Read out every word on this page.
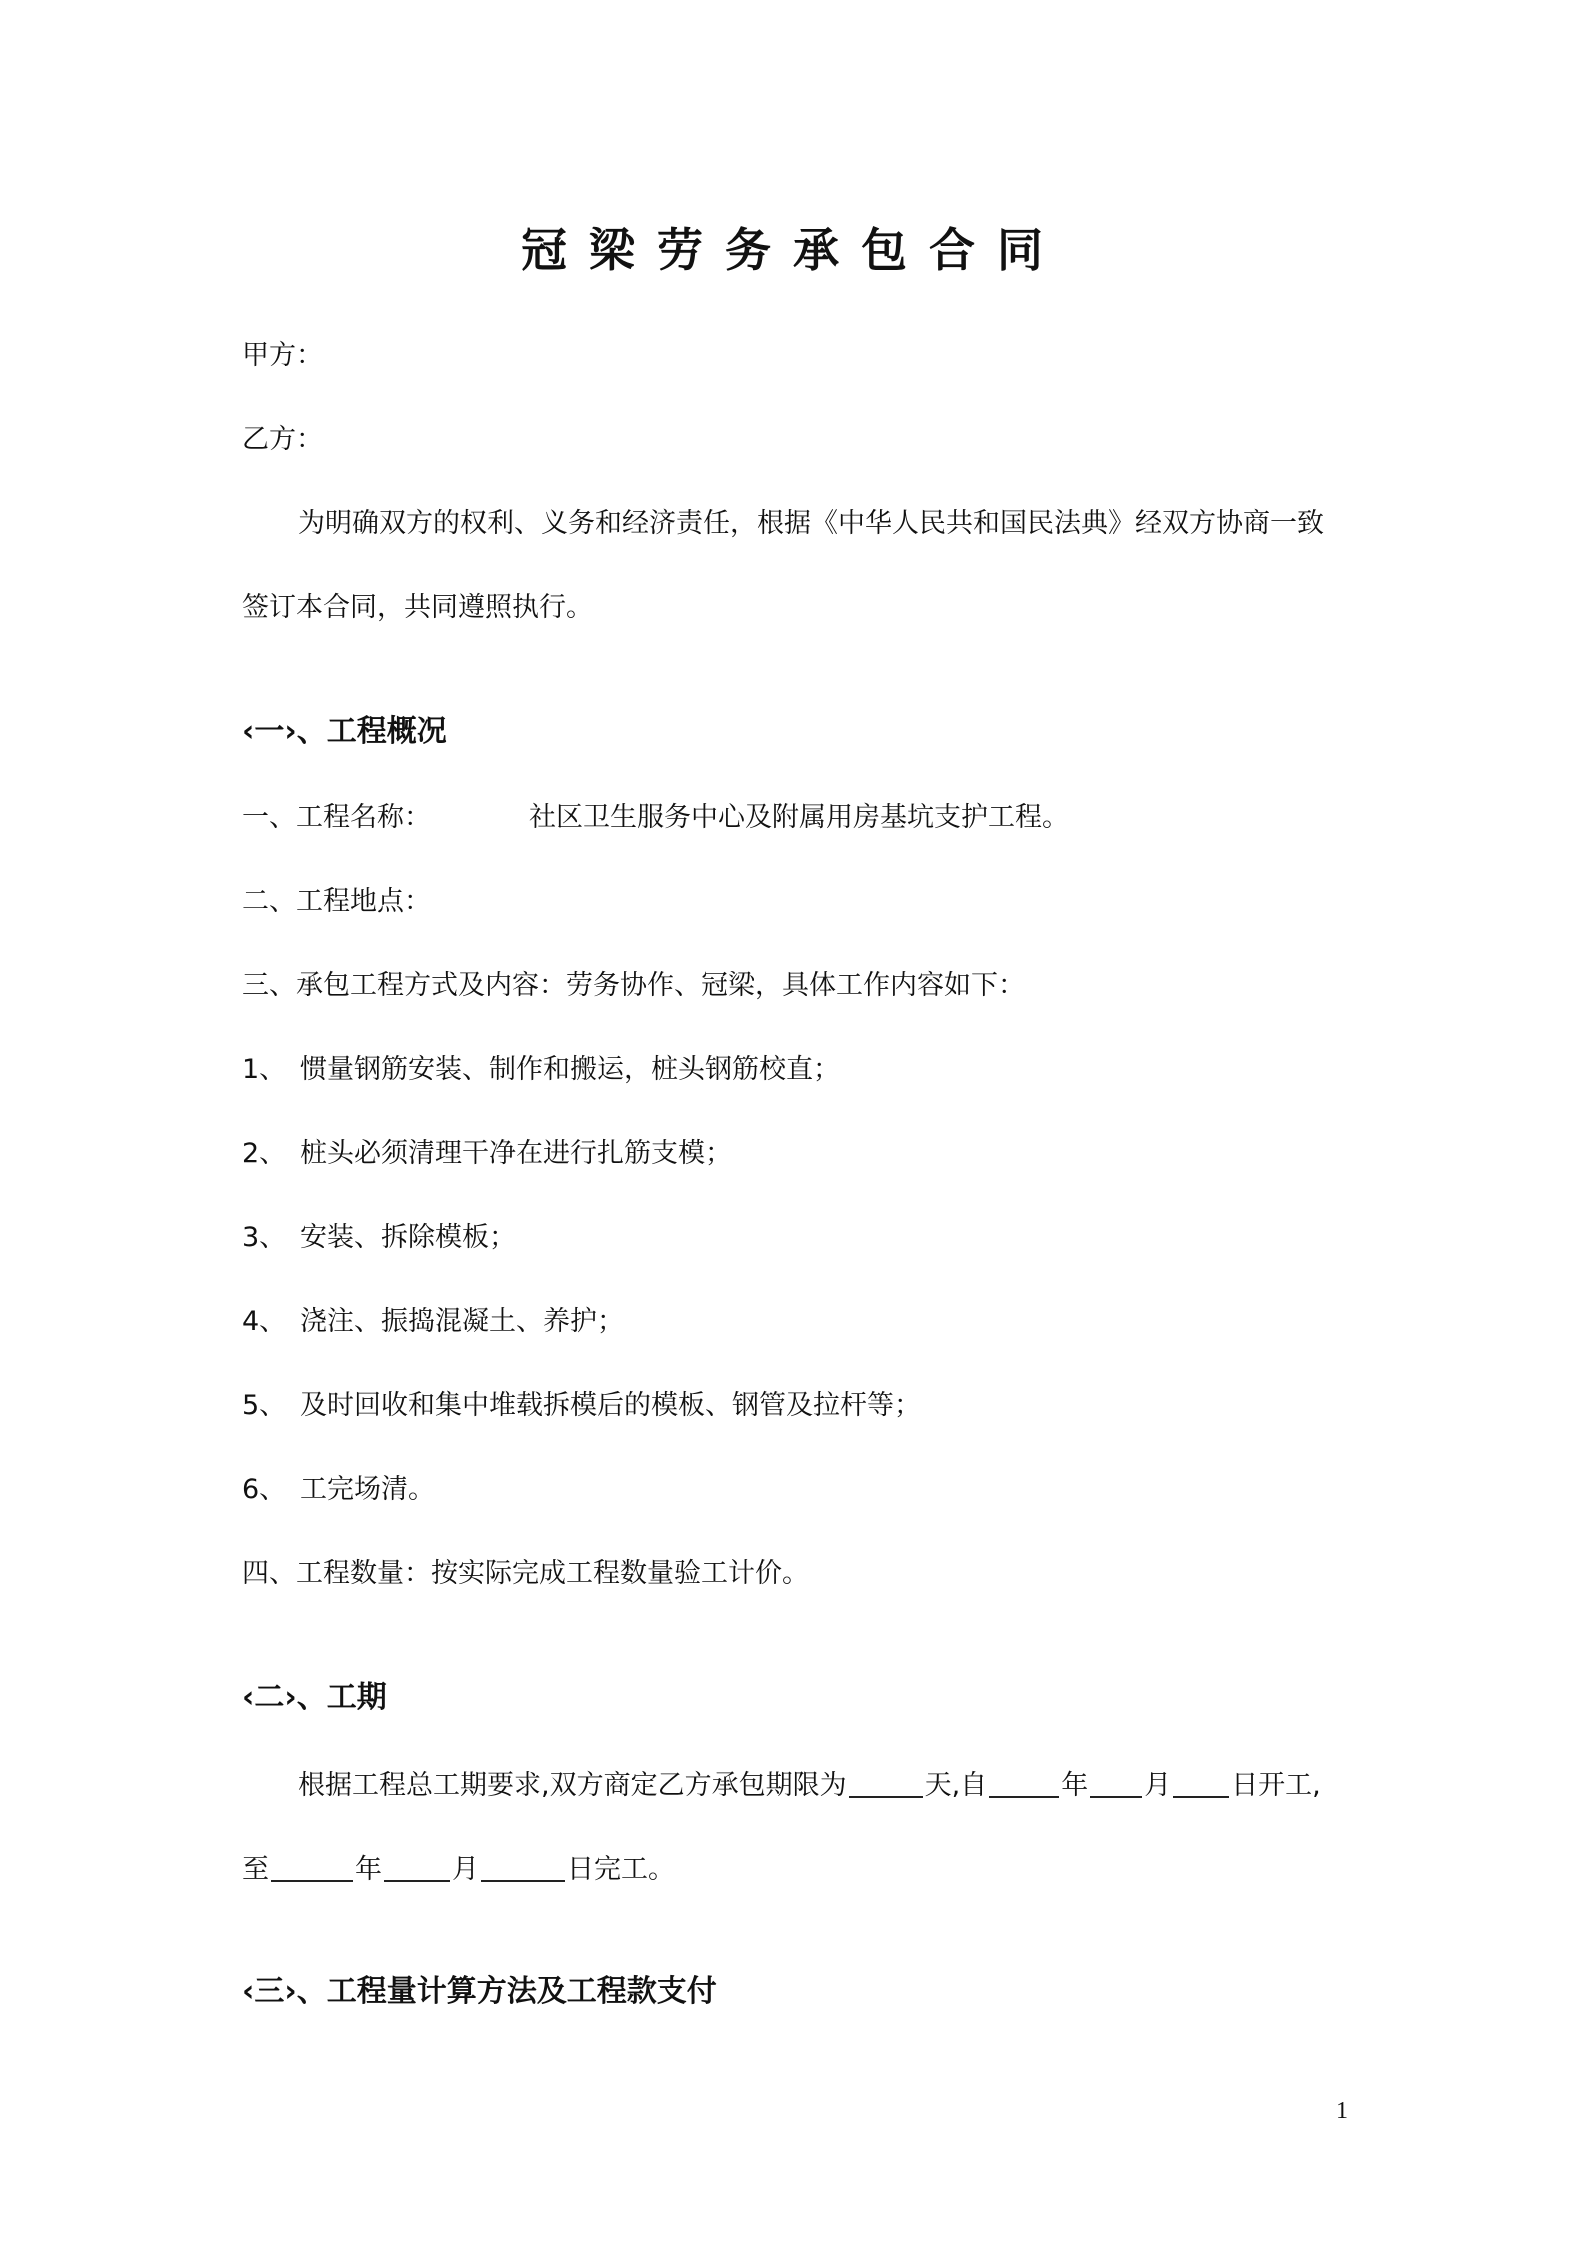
冠梁劳务承包合同
甲方：
乙方：
为明确双方的权利、义务和经济责任，根据《中华人民共和国民法典》经双方协商一致
签订本合同，共同遵照执行。
‹一›、工程概况
一、工程名称：	社区卫生服务中心及附属用房基坑支护工程。
二、工程地点：
三、承包工程方式及内容：劳务协作、冠梁，具体工作内容如下：
1、 惯量钢筋安装、制作和搬运，桩头钢筋校直；
2、 桩头必须清理干净在进行扎筋支模；
3、 安装、拆除模板；
4、 浇注、振捣混凝土、养护；
5、 及时回收和集中堆载拆模后的模板、钢管及拉杆等；
6、 工完场清。
四、工程数量：按实际完成工程数量验工计价。
‹二›、工期
根据工程总工期要求,双方商定乙方承包期限为	天,自	年 月 日开工,
至	年	月	日完工。
‹三›、工程量计算方法及工程款支付
1
